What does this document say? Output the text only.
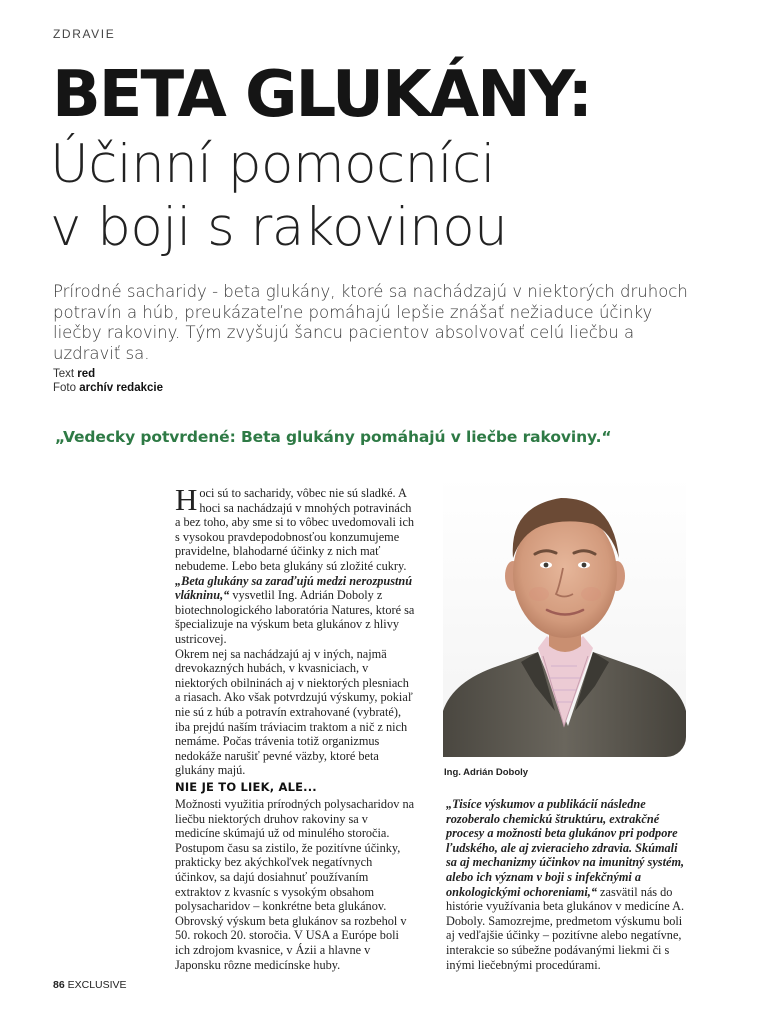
ZDRAVIE
BETA GLUKÁNY:
Účinní pomocníci
v boji s rakovinou
Prírodné sacharidy - beta glukány, ktoré sa nachádzajú v niektorých druhoch potravín a húb, preukázateľne pomáhajú lepšie znášať nežiaduce účinky liečby rakoviny. Tým zvyšujú šancu pacientov absolvovať celú liečbu a uzdraviť sa.
Text red
Foto archív redakcie
„Vedecky potvrdené: Beta glukány pomáhajú v liečbe rakoviny.“

Hoci sú to sacharidy, vôbec nie sú sladké. A hoci sa nachádzajú v mnohých potravinách a bez toho, aby sme si to vôbec uvedomovali ich s vysokou pravdepodobnosťou konzumujeme pravidelne, blahodarné účinky z nich mať nebudeme. Lebo beta glukány sú zložité cukry.

„Beta glukány sa zaraďujú medzi nerozpustnú vlákninu,“ vysvetlil Ing. Adrián Doboly z biotechnologického laboratória Natures, ktoré sa špecializuje na výskum beta glukánov z hlivy ustricovej.

Okrem nej sa nachádzajú aj v iných, najmä drevokazných hubách, v kvasniciach, v niektorých obilninách aj v niektorých plesniach a riasach. Ako však potvrdzujú výskumy, pokiaľ nie sú z húb a potravín extrahované (vybraté), iba prejdú naším tráviacim traktom a nič z nich nemáme. Počas trávenia totiž organizmus nedokáže narušiť pevné väzby, ktoré beta glukány majú.	Ing. Adrián Doboly
NIE JE TO LIEK, ALE...

Možnosti využitia prírodných polysacharidov na liečbu niektorých druhov rakoviny sa v medicíne skúmajú už od minulého storočia. Postupom času sa zistilo, že pozitívne účinky, prakticky bez akýchkoľvek negatívnych účinkov, sa dajú dosiahnuť používaním extraktov z kvasníc s vysokým obsahom polysacharidov – konkrétne beta glukánov.

Obrovský výskum beta glukánov sa rozbehol v 50. rokoch 20. storočia. V USA a Európe boli ich zdrojom kvasnice, v Ázii a hlavne v Japonsku rôzne medicínske huby.

„Tisíce výskumov a publikácií následne rozoberalo chemickú štruktúru, extrakčné procesy a možnosti beta glukánov pri podpore ľudského, ale aj zvieracieho zdravia. Skúmali sa aj mechanizmy účinkov na imunitný systém, alebo ich význam v boji s infekčnými a onkologickými ochoreniami,“ zasvätil nás do histórie využívania beta glukánov v medicíne A. Doboly. Samozrejme, predmetom výskumu boli aj vedľajšie účinky – pozitívne alebo negatívne, interakcie so súbežne podávanými liekmi či s inými liečebnými procedúrami.

86 EXCLUSIVE
